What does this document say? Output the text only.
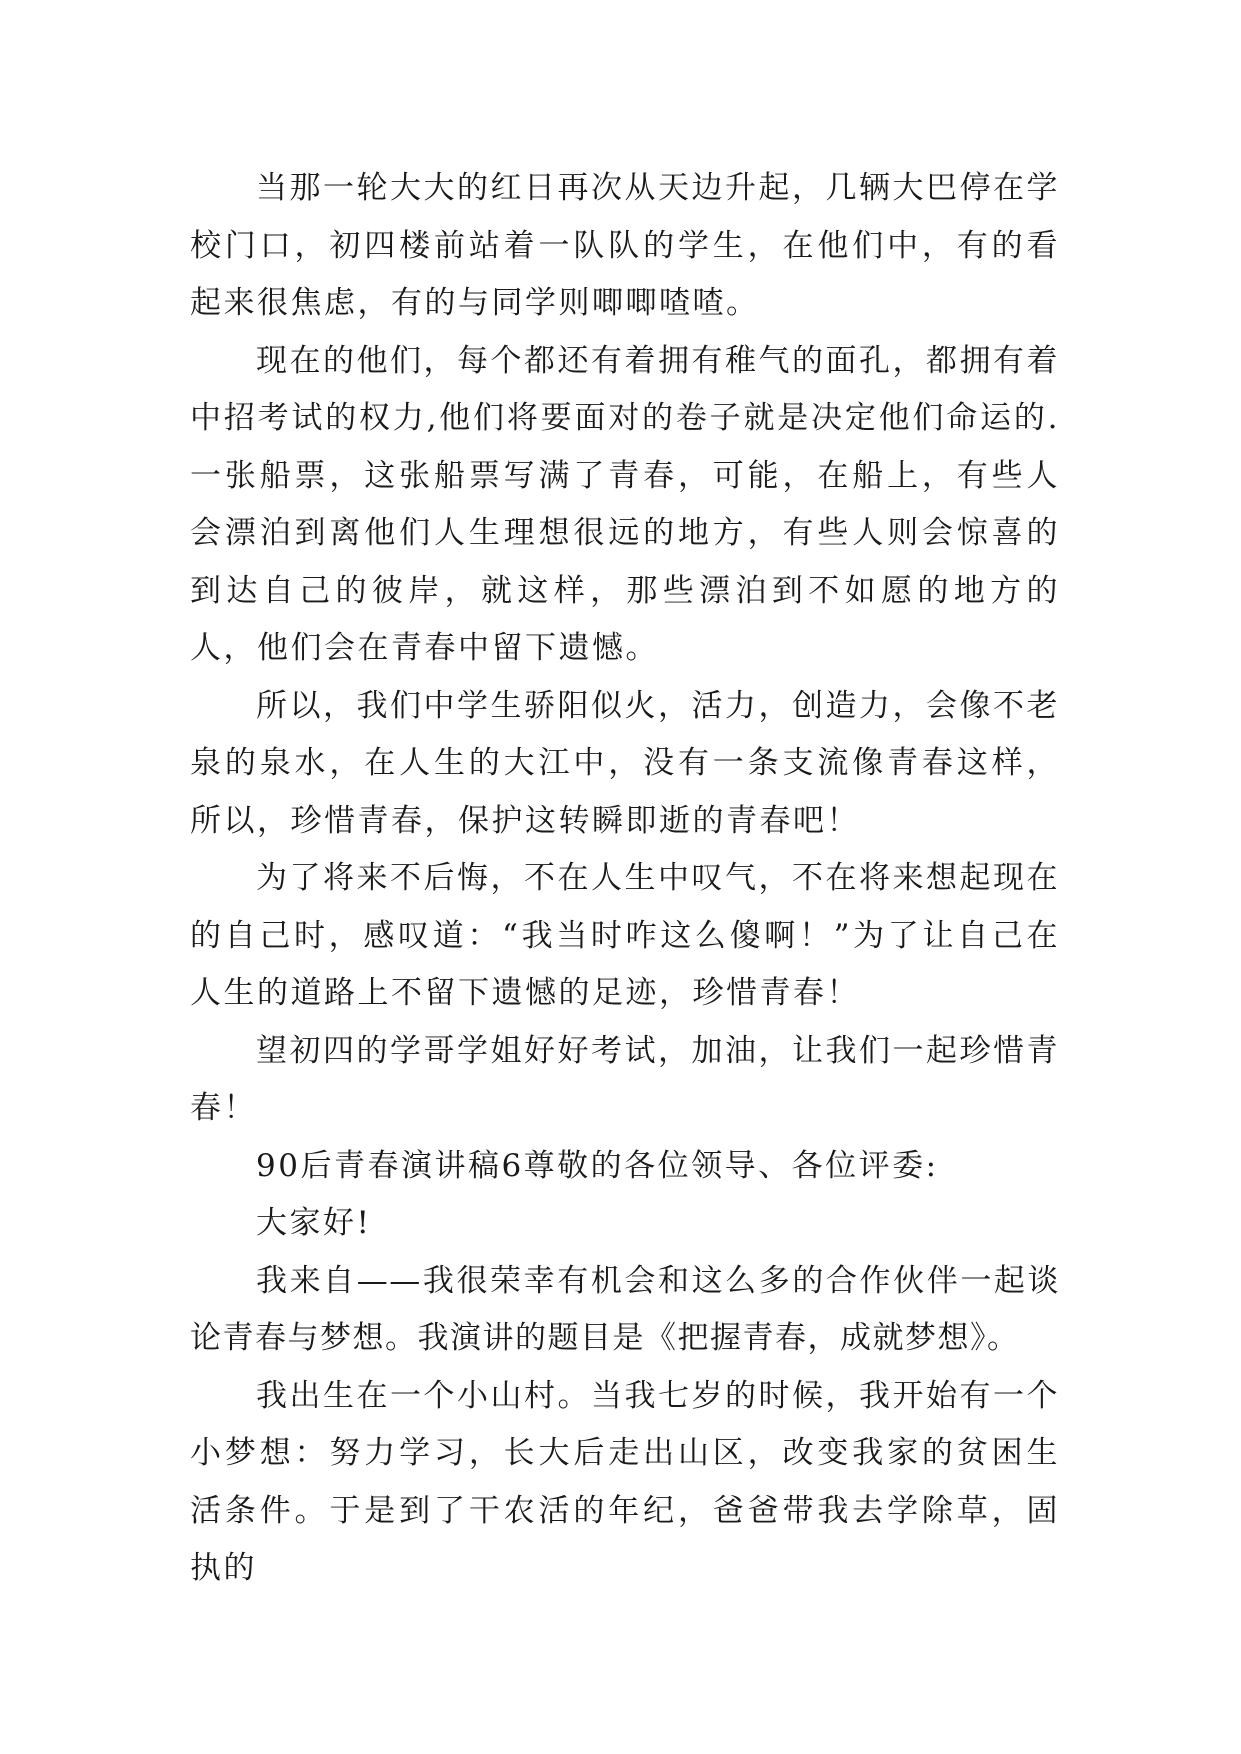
当那一轮大大的红日再次从天边升起，几辆大巴停在学校门口，初四楼前站着一队队的学生，在他们中，有的看起来很焦虑，有的与同学则唧唧喳喳。

现在的他们，每个都还有着拥有稚气的面孔，都拥有着中招考试的权力,他们将要面对的卷子就是决定他们命运的.一张船票，这张船票写满了青春，可能，在船上，有些人会漂泊到离他们人生理想很远的地方，有些人则会惊喜的到达自己的彼岸，就这样，那些漂泊到不如愿的地方的人，他们会在青春中留下遗憾。

所以，我们中学生骄阳似火，活力，创造力，会像不老泉的泉水，在人生的大江中，没有一条支流像青春这样，所以，珍惜青春，保护这转瞬即逝的青春吧！

为了将来不后悔，不在人生中叹气，不在将来想起现在的自己时，感叹道：“我当时咋这么傻啊！”为了让自己在人生的道路上不留下遗憾的足迹，珍惜青春！

望初四的学哥学姐好好考试，加油，让我们一起珍惜青春！

90后青春演讲稿6尊敬的各位领导、各位评委:

大家好!

我来自——我很荣幸有机会和这么多的合作伙伴一起谈论青春与梦想。我演讲的题目是《把握青春，成就梦想》。

我出生在一个小山村。当我七岁的时候，我开始有一个小梦想：努力学习，长大后走出山区，改变我家的贫困生活条件。于是到了干农活的年纪，爸爸带我去学除草，固执的
